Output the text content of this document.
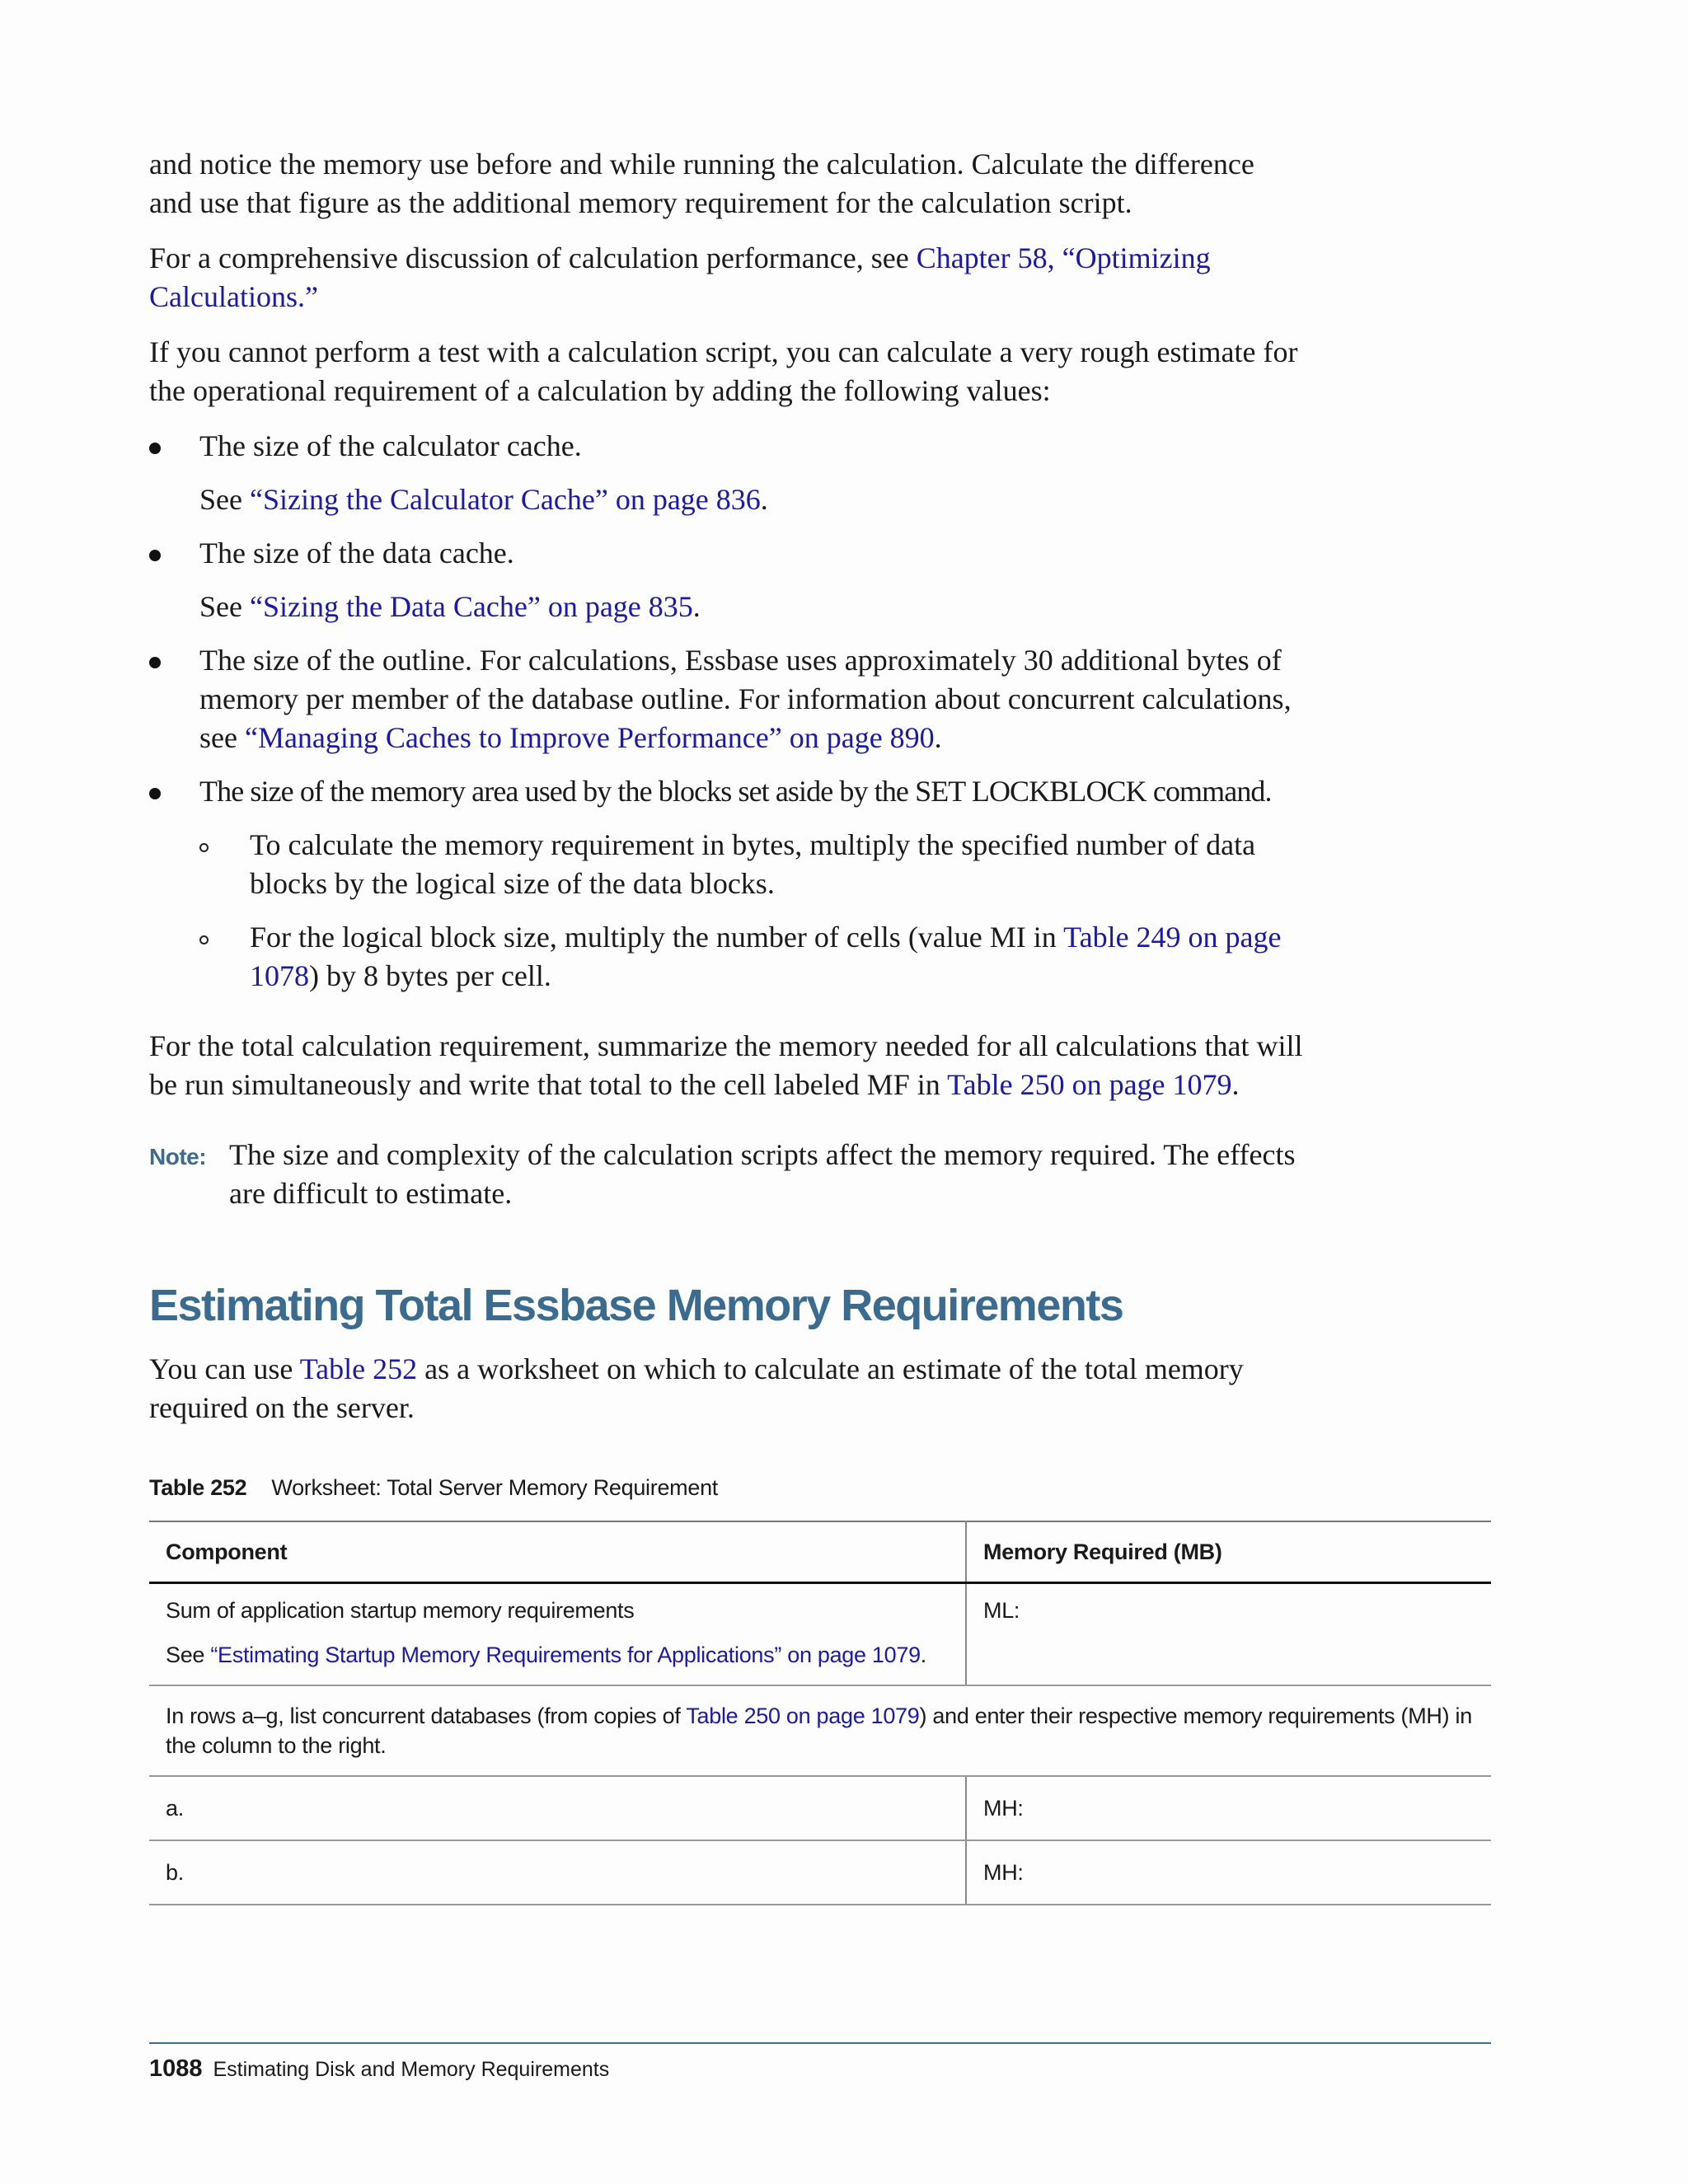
and notice the memory use before and while running the calculation. Calculate the difference and use that figure as the additional memory requirement for the calculation script.

For a comprehensive discussion of calculation performance, see Chapter 58, “Optimizing Calculations.”

If you cannot perform a test with a calculation script, you can calculate a very rough estimate for the operational requirement of a calculation by adding the following values:

The size of the calculator cache.
See “Sizing the Calculator Cache” on page 836.
The size of the data cache.
See “Sizing the Data Cache” on page 835.
The size of the outline. For calculations, Essbase uses approximately 30 additional bytes of memory per member of the database outline. For information about concurrent calculations, see “Managing Caches to Improve Performance” on page 890.
The size of the memory area used by the blocks set aside by the SET LOCKBLOCK command.
To calculate the memory requirement in bytes, multiply the specified number of data blocks by the logical size of the data blocks.
For the logical block size, multiply the number of cells (value MI in Table 249 on page 1078) by 8 bytes per cell.

For the total calculation requirement, summarize the memory needed for all calculations that will be run simultaneously and write that total to the cell labeled MF in Table 250 on page 1079.

Note: The size and complexity of the calculation scripts affect the memory required. The effects are difficult to estimate.
Estimating Total Essbase Memory Requirements

You can use Table 252 as a worksheet on which to calculate an estimate of the total memory required on the server.

Table 252 Worksheet: Total Server Memory Requirement
Component	Memory Required (MB)

Sum of application startup memory requirements
See “Estimating Startup Memory Requirements for Applications” on page 1079.	ML:
In rows a–g, list concurrent databases (from copies of Table 250 on page 1079) and enter their respective memory requirements (MH) in the column to the right.	
a.	MH:
b.	MH:
1088 Estimating Disk and Memory Requirements
